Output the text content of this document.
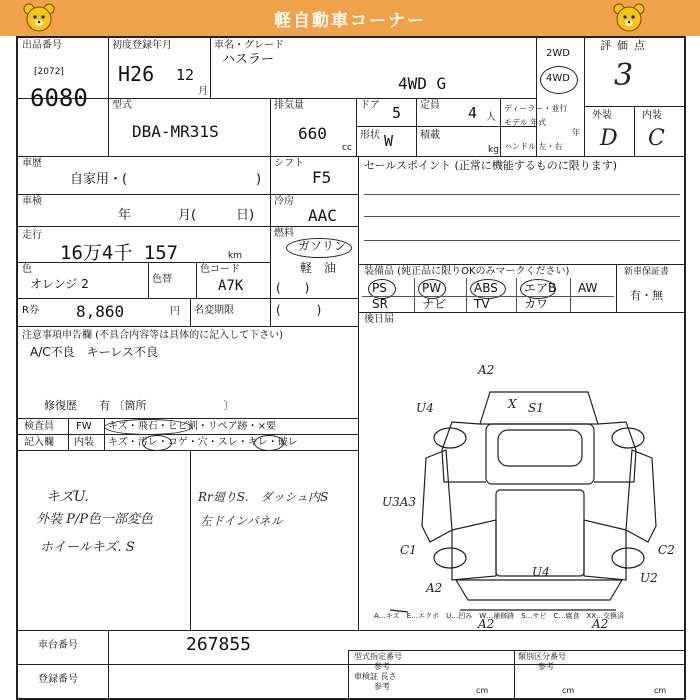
軽自動車コーナー
出品番号
[2072]
6080
初度登録年月
H26 12
月
車名・グレード
ハスラー
4WD G
2WD
4WD
評価点
3
外装	内装
D C
型式
DBA-MR31S
排気量
660
cc
ドア 5 定員 4 人
形状 W	積載
kg
ディーラー・並行
モデル 年式
年
ハンドル 左・右
車歴
自家用・(	)
車検
年	月(	日)
走行
16万4千 157	km
色
オレンジ 2	色替
色コード
A7K
シフト
F5
冷房
AAC
燃料
ガソリン
軽　油
(　　)
R券 8,860	円 名変期限	(　　　)
セールスポイント (正常に機能するものに限ります)
装備品 (純正品に限りOKのみマークください)	新車保証書
有・無
PS	PW	ABS エアB AW
SR	ナビ TV	カワ
後日届
注意事項申告欄 (不具合内容等は具体的に記入して下さい)
A/C不良　キーレス不良
修復歴　　有 〔箇所　　　　　　　〕
検査員 FW キズ・飛石・ヒビ割・リペア跡・×要
記入欄 内装 キズ・汚レ・コゲ・穴・スレ・キレ・破レ
キズU.
外装 P/P色一部変色
ホイールキズ. S
Rr廻りS.　ダッシュ内S
左ドインパネル
A2
U4	X S1
U3A3
C1	C2
U4	U2
A2
A2	A2
A…キズ　E…エクボ　U…凹み　W…補修跡　S…サビ　C…腐食　XX…交換済
車台番号	267855
登録番号
型式指定番号
参考
類別区分番号
参考
車検証 長さ
参考	cm	cm	cm
